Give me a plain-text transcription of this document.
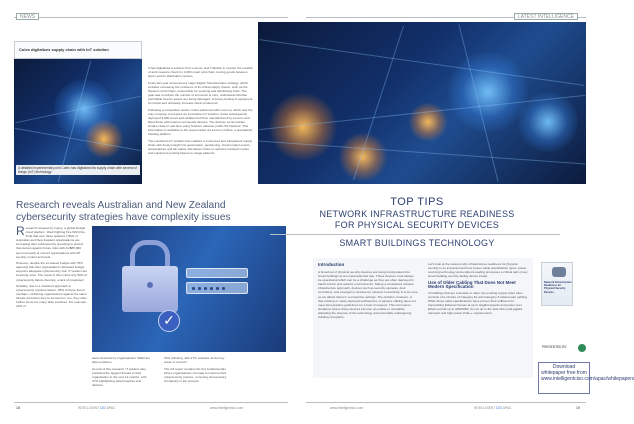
NEWS	LATEST INTELLIGENCE
Coles digitalizes supply chain with IoT solution
A detailed experimentat point Coles has digitalized its supply chain with several of things (IoT) technology

It has digitalized a solution from Luxcom and T-Mobile to monitor the location of and measure check for 4,000 smart cold chain moving goods between farms and its distribution centres.

Coles last year announced a major Digital Transformation strategy, which includes increasing the resilience of its critical supply chains, such as the Western Cold Chain, responsible for sourcing and distributing fruits. The goal was to reduce the number of lost items to zero, understand whether perishable freezer assets are being damaged, improve pooling of equipment for transit and ultimately increase stock turnaround.

Following a competitive tender, Coles partnered with Luxcom, which was the only company to propose an innovative IoT solution. Coles subsequently deployed 4,000 smart and reliable food bins manufactured by Luxcom and fitted those with Internet-connected devices. The devices communicate location data in real-time using Telstra's national, public 5G Network. This information is available to the supermarket via Luxcom Online, a specialized tracking platform.

The combined IoT solution has enabled a connected and transparent supply chain with timely insight into geolocation, geofencing, shock impact events, temperatures and bin status and allows Coles to optimize transport routes and equipment pooling based on usage patterns.

Research reveals Australian and New Zealand cybersecurity strategies have complexity issues

Research released by Ivanty, a global budget cloud platform, titled Fighting Fire With Fire, finds that over three quarters (78%) of Australian and New Zealand organisations are increasing their cybersecurity spending to protect themselves against future risks with AU$85,000 spent annually at current organisations with AP security control and tools.

However, despite the increased budget with 78% agreeing that their organisation's allocated budget supports adequate cybersecurity risk, IT leaders are investing more. The result of this is that only 50% of cybersecurity failure diversity, a lack of integrated

Similarly, due to a scattered approach to cybersecurity implementation, 38% of these found overlaps, conflicting organisations against the same threats and when they're focused on, too, they often further focus too many false positives. For example, 42% of

✓

alerts detected by organisations' SIEM are false positives.

As part of this research, IT leaders also predicted the biggest threats to their organisation in the next 12 months, with 37% highlighting data breaches and distress.

32% phishing, with 27% malware as the key areas of concern.

The full report contains the five fundamentals where organisations can take to improve their cybersecurity posture, removing unnecessary complexity in the process.

TOP TIPS
NETWORK INFRASTRUCTURE READINESS
FOR PHYSICAL SECURITY DEVICES
SMART BUILDINGS TECHNOLOGY
Introduction

A broad set of physical security devices are being incorporated into smart buildings at an unprecedented rate. These devices must always be operational which can be a challenge as they are often deployed in harsh interior and outdoor environments. Taking a considered network infrastructure approach, devices such as security cameras, door controllers, and emergency devices for network connectivity is to be sure as we talked about in a enterprise settings. The problem, however, is that existing or newly deployed architecture or passive cabling does not meet best-practice guidelines for a host of reasons. This can lead to situations where these devices become un-usable or unreliable, defeating the purpose of the technology and potentially endangering building occupants.

Let's look at the reasons why infrastructure readiness for physical security is so important and how proper cable specification types, power sourcing technology and endpoint sealing processes a critical part of any smart building security facility device install.

Use of Older Cabling That Does Not Meet Modern Specification

In buildings that are a decade or older, the existing copper plant often consists of a mixture of Category 5e and Category 6 twisted-pair cabling. While those cable specifications have proven their sufficient for transmitting Ethernet frames at up to Gigabit speeds and power over Ethernet PoE up to 30W/60W, it's not up to the task with multi-gigabit transport and high-power PoE++ requirements.

Network Infrastructure Readiness for Physical Security Devices
PRESENTED BY
Download whitepaper free from www.intelligentciso.com/apac/whitepapers
18	INTELLIGENT CIO APAC	www.intelligentcio.com	www.intelligentcio.com	INTELLIGENT CIO APAC	19
